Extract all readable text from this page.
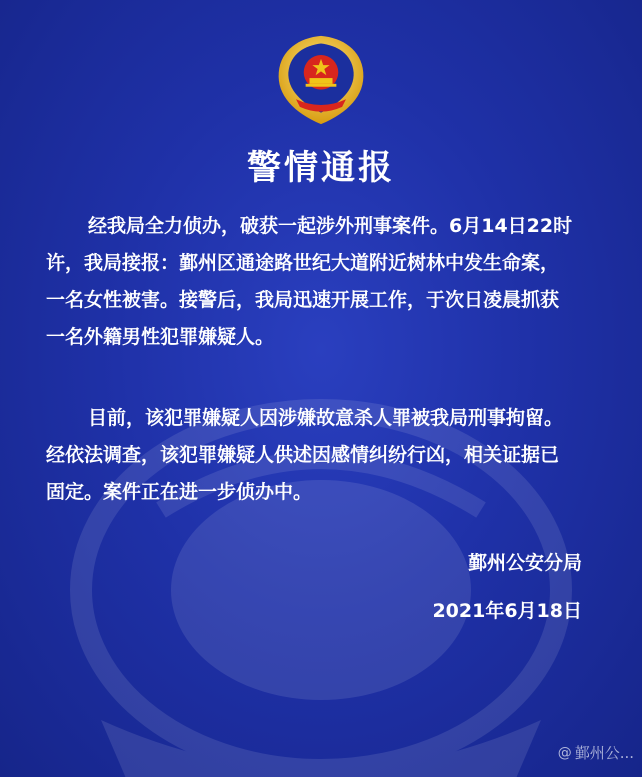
警情通报
经我局全力侦办，破获一起涉外刑事案件。6月14日22时
许，我局接报：鄞州区通途路世纪大道附近树林中发生命案，
一名女性被害。接警后，我局迅速开展工作，于次日凌晨抓获
一名外籍男性犯罪嫌疑人。
目前，该犯罪嫌疑人因涉嫌故意杀人罪被我局刑事拘留。
经依法调查，该犯罪嫌疑人供述因感情纠纷行凶，相关证据已
固定。案件正在进一步侦办中。
鄞州公安分局
2021年6月18日
@ 鄞州公...
